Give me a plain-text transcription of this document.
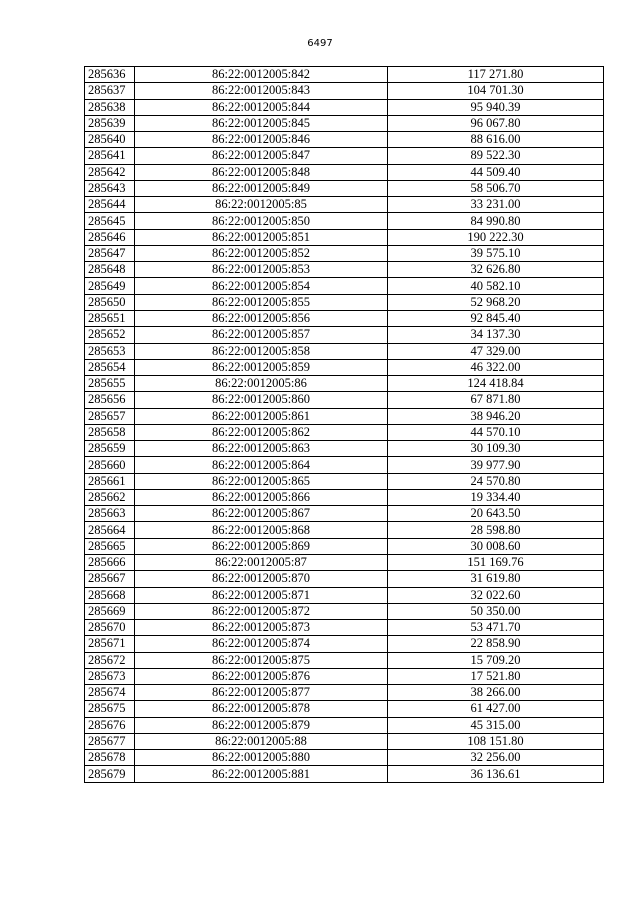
6497
285636	86:22:0012005:842	117 271.80
285637	86:22:0012005:843	104 701.30
285638	86:22:0012005:844	95 940.39
285639	86:22:0012005:845	96 067.80
285640	86:22:0012005:846	88 616.00
285641	86:22:0012005:847	89 522.30
285642	86:22:0012005:848	44 509.40
285643	86:22:0012005:849	58 506.70
285644	86:22:0012005:85	33 231.00
285645	86:22:0012005:850	84 990.80
285646	86:22:0012005:851	190 222.30
285647	86:22:0012005:852	39 575.10
285648	86:22:0012005:853	32 626.80
285649	86:22:0012005:854	40 582.10
285650	86:22:0012005:855	52 968.20
285651	86:22:0012005:856	92 845.40
285652	86:22:0012005:857	34 137.30
285653	86:22:0012005:858	47 329.00
285654	86:22:0012005:859	46 322.00
285655	86:22:0012005:86	124 418.84
285656	86:22:0012005:860	67 871.80
285657	86:22:0012005:861	38 946.20
285658	86:22:0012005:862	44 570.10
285659	86:22:0012005:863	30 109.30
285660	86:22:0012005:864	39 977.90
285661	86:22:0012005:865	24 570.80
285662	86:22:0012005:866	19 334.40
285663	86:22:0012005:867	20 643.50
285664	86:22:0012005:868	28 598.80
285665	86:22:0012005:869	30 008.60
285666	86:22:0012005:87	151 169.76
285667	86:22:0012005:870	31 619.80
285668	86:22:0012005:871	32 022.60
285669	86:22:0012005:872	50 350.00
285670	86:22:0012005:873	53 471.70
285671	86:22:0012005:874	22 858.90
285672	86:22:0012005:875	15 709.20
285673	86:22:0012005:876	17 521.80
285674	86:22:0012005:877	38 266.00
285675	86:22:0012005:878	61 427.00
285676	86:22:0012005:879	45 315.00
285677	86:22:0012005:88	108 151.80
285678	86:22:0012005:880	32 256.00
285679	86:22:0012005:881	36 136.61
